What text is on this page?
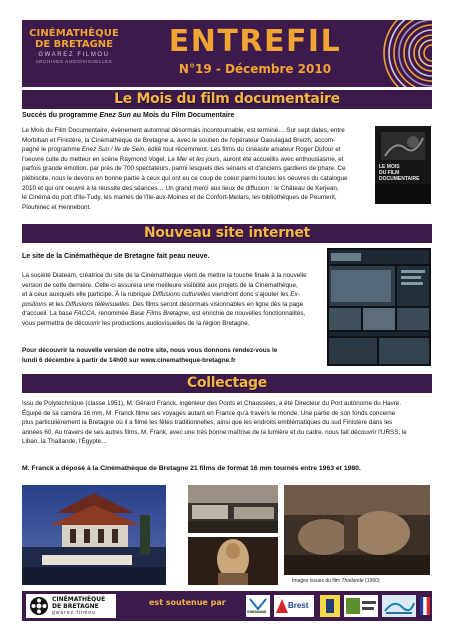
CINÉMATHÈQUE
DE BRETAGNE
GWAREZ FILMOU
ARCHIVES AUDIOVISUELLES
ENTREFIL
N°19 - Décembre 2010
Le Mois du film documentaire
Succès du programme Enez Sun au Mois du Film Documentaire
Le Mois du Film Documentaire, événement automnal désormais incontournable, est terminé… Sur sept dates, entre
Morbihan et Finistère, la Cinémathèque de Bretagne a, avec le soutien de l'opérateur Daoulagad Breizh, accom-
pagné le programme Enez Sun / Ile de Sein, édité tout récemment. Les films du cinéaste amateur Roger Dufour et
l'oeuvre culte du metteur en scène Raymond Vogel, La Mer et les jours, auront été accueillis avec enthousiasme, et
parfois grande émotion, par près de 700 spectateurs, parmi lesquels des sénans et d'anciens gardiens de phare. Ce
plébiscite, nous le devons en bonne partie à ceux qui ont eu ce coup de coeur parmi toutes les oeuvres du catalogue
2010 et qui ont oeuvré à la réussite des séances… Un grand merci aux lieux de diffusion : le Château de Kerjean,
le Cinéma du port d'Ile-Tudy, les mairies de l'Ile-aux-Moines et de Confort-Meilars, les bibliothèques de Peumerit,
Plouhinec et Hennebont.
LE MOIS
DU FILM
DOCUMENTAIRE
Nouveau site internet
Le site de la Cinémathèque de Bretagne fait peau neuve.
La société Diateam, créatrice du site de la Cinémathèque vient de mettre la touche finale à la nouvelle
version de cette dernière. Celle-ci assurera une meilleure visibilité aux projets de la Cinémathèque,
et à ceux auxquels elle participe. À la rubrique Diffusions culturelles viendront donc s'ajouter les Ex-
positions et les Diffusions télévisuelles. Des films seront désormais visionnables en ligne dès la page
d'accueil. La base FACCA, renommée Base Films Bretagne, est enrichie de nouvelles fonctionnalités,
vous permettra de découvrir les productions audiovisuelles de la région Bretagne.
Pour découvrir la nouvelle version de notre site, nous vous donnons rendez-vous le
lundi 6 décembre à partir de 14h00 sur www.cinematheque-bretagne.fr
Collectage
Issu de Polytechnique (classe 1951), M. Gérard Franck, ingénieur des Ponts et Chaussées, a été Directeur du Port autonome du Havre.
Équipé de sa caméra 16 mm, M. Franck filme ses voyages autant en France qu'à travers le monde. Une partie de son fonds concerne
plus particulièrement la Bretagne où il a filmé les fêtes traditionnelles, ainsi que les endroits emblématiques du sud Finistère dans les
années 60. Au travers de ses autres films, M. Frank, avec une très bonne maîtrise de la lumière et du cadre, nous fait découvrir l'URSS, le
Liban, la Thaïlande, l'Égypte…
M. Franck a déposé à la Cinémathèque de Bretagne 21 films de format 16 mm tournés entre 1963 et 1980.
Images issues du film Thaïlande (1960)
CINÉMATHÈQUE
DE BRETAGNE
gwarez filmou
est soutenue par
BRETAGNE
Brest
